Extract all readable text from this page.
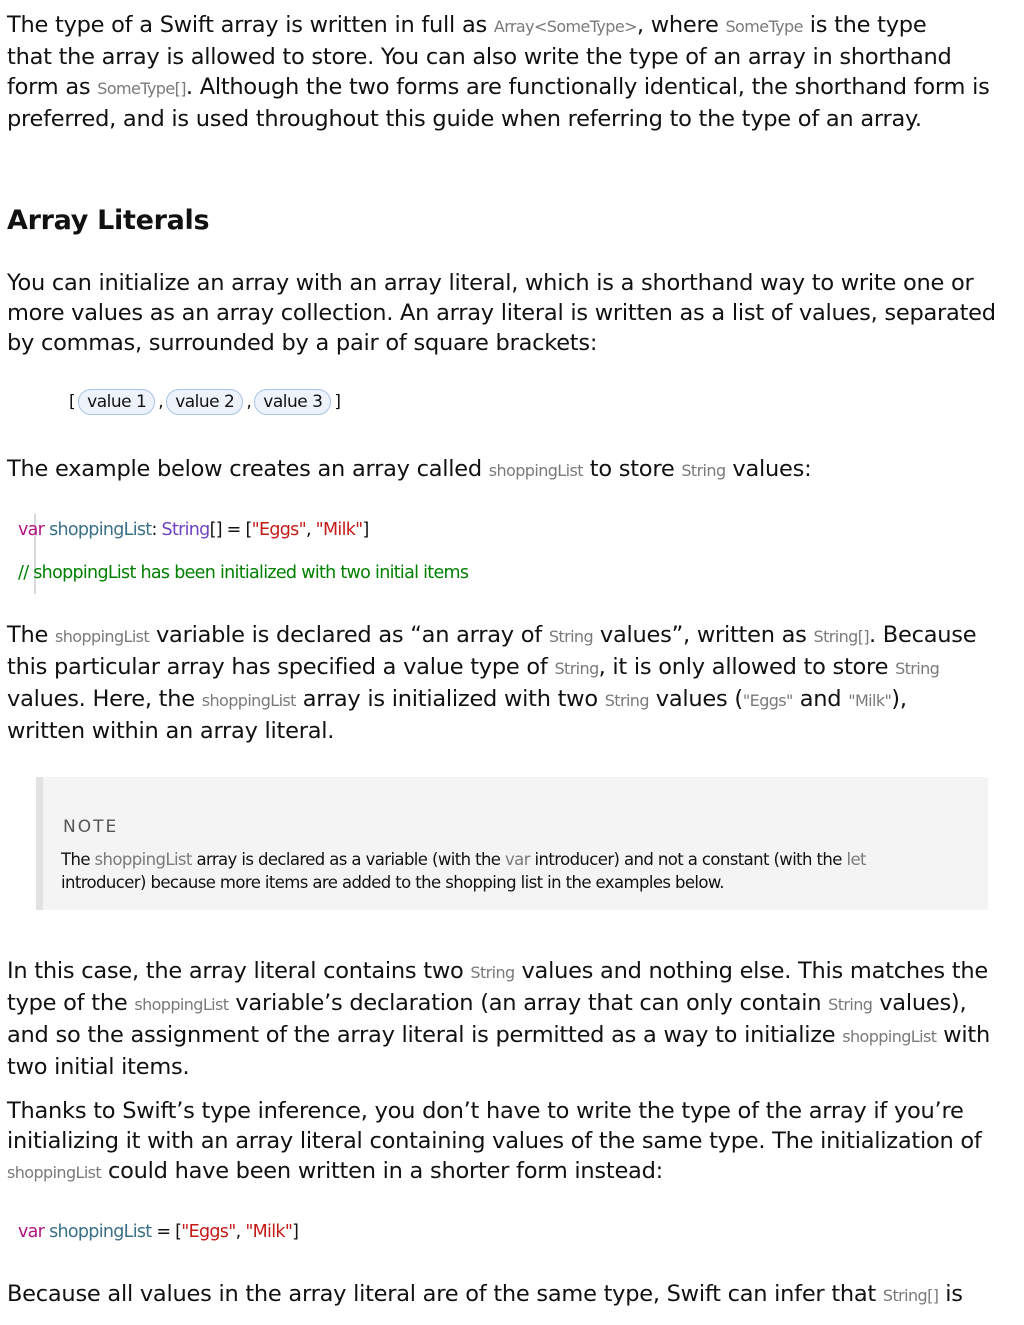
The type of a Swift array is written in full as Array<SomeType>, where SomeType is the type
that the array is allowed to store. You can also write the type of an array in shorthand
form as SomeType[]. Although the two forms are functionally identical, the shorthand form is
preferred, and is used throughout this guide when referring to the type of an array.

Array Literals

You can initialize an array with an array literal, which is a shorthand way to write one or
more values as an array collection. An array literal is written as a list of values, separated
by commas, surrounded by a pair of square brackets:

[ value 1 , value 2 , value 3 ]

The example below creates an array called shoppingList to store String values:

var shoppingList: String[] = ["Eggs", "Milk"]
// shoppingList has been initialized with two initial items

The shoppingList variable is declared as “an array of String values”, written as String[]. Because
this particular array has specified a value type of String, it is only allowed to store String
values. Here, the shoppingList array is initialized with two String values ("Eggs" and "Milk"),
written within an array literal.

NOTE
The shoppingList array is declared as a variable (with the var introducer) and not a constant (with the let
introducer) because more items are added to the shopping list in the examples below.

In this case, the array literal contains two String values and nothing else. This matches the
type of the shoppingList variable’s declaration (an array that can only contain String values),
and so the assignment of the array literal is permitted as a way to initialize shoppingList with
two initial items.

Thanks to Swift’s type inference, you don’t have to write the type of the array if you’re
initializing it with an array literal containing values of the same type. The initialization of
shoppingList could have been written in a shorter form instead:

var shoppingList = ["Eggs", "Milk"]

Because all values in the array literal are of the same type, Swift can infer that String[] is
